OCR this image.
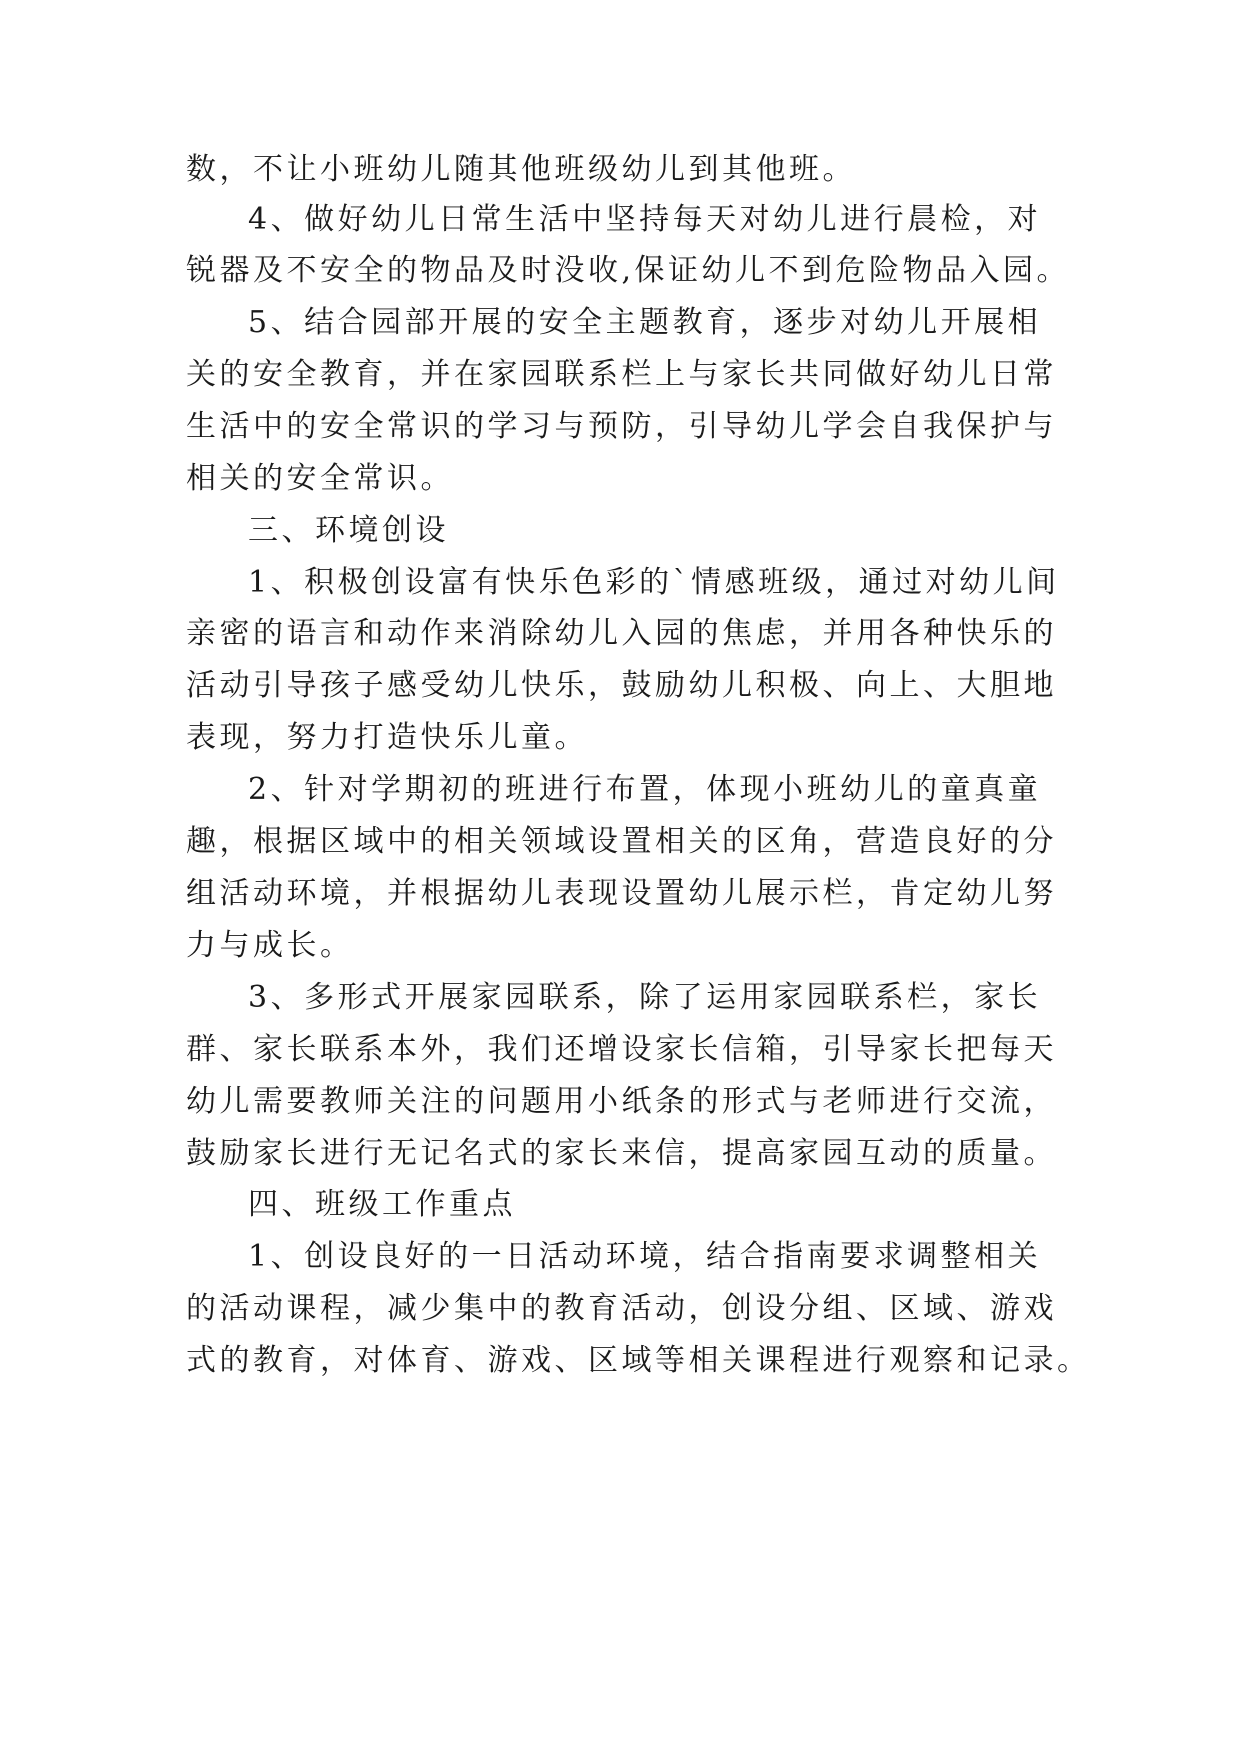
数，不让小班幼儿随其他班级幼儿到其他班。
4、做好幼儿日常生活中坚持每天对幼儿进行晨检，对
锐器及不安全的物品及时没收,保证幼儿不到危险物品入园。
5、结合园部开展的安全主题教育，逐步对幼儿开展相
关的安全教育，并在家园联系栏上与家长共同做好幼儿日常
生活中的安全常识的学习与预防，引导幼儿学会自我保护与
相关的安全常识。
三、环境创设
1、积极创设富有快乐色彩的`情感班级，通过对幼儿间
亲密的语言和动作来消除幼儿入园的焦虑，并用各种快乐的
活动引导孩子感受幼儿快乐，鼓励幼儿积极、向上、大胆地
表现，努力打造快乐儿童。
2、针对学期初的班进行布置，体现小班幼儿的童真童
趣，根据区域中的相关领域设置相关的区角，营造良好的分
组活动环境，并根据幼儿表现设置幼儿展示栏，肯定幼儿努
力与成长。
3、多形式开展家园联系，除了运用家园联系栏，家长
群、家长联系本外，我们还增设家长信箱，引导家长把每天
幼儿需要教师关注的问题用小纸条的形式与老师进行交流，
鼓励家长进行无记名式的家长来信，提高家园互动的质量。
四、班级工作重点
1、创设良好的一日活动环境，结合指南要求调整相关
的活动课程，减少集中的教育活动，创设分组、区域、游戏
式的教育，对体育、游戏、区域等相关课程进行观察和记录。
